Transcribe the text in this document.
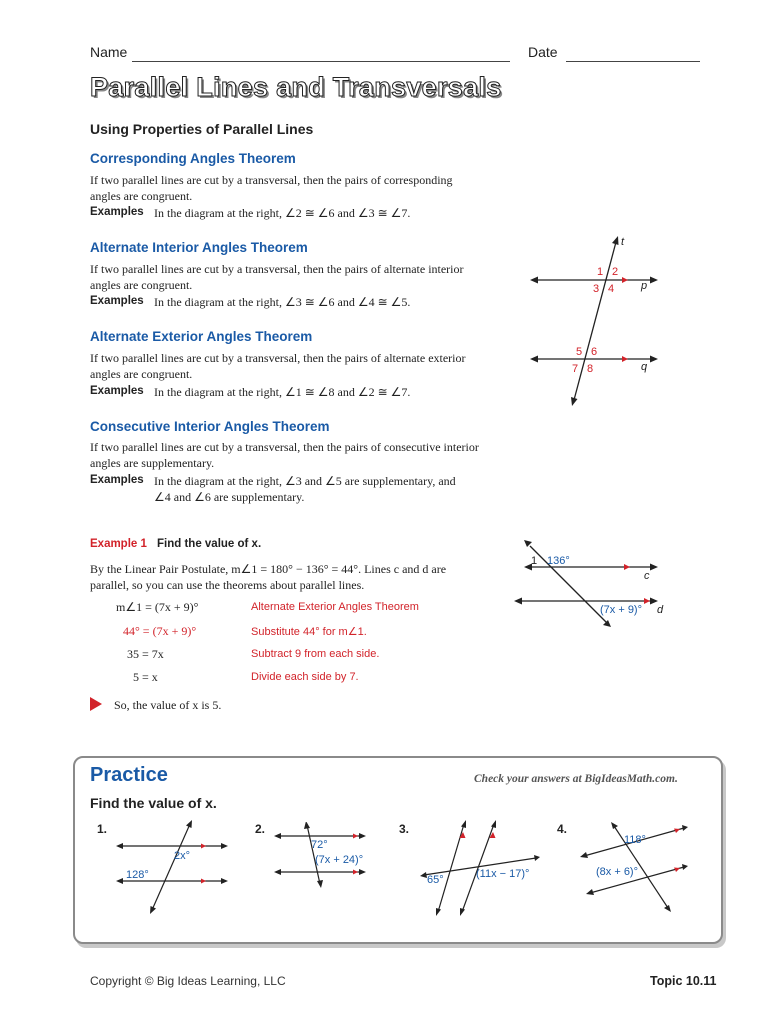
Name	Date
Parallel Lines and Transversals
Using Properties of Parallel Lines
Corresponding Angles Theorem
If two parallel lines are cut by a transversal, then the pairs of corresponding
angles are congruent.
Examples In the diagram at the right, ∠2 ≅ ∠6 and ∠3 ≅ ∠7.
Alternate Interior Angles Theorem
If two parallel lines are cut by a transversal, then the pairs of alternate interior
angles are congruent.
Examples In the diagram at the right, ∠3 ≅ ∠6 and ∠4 ≅ ∠5.
Alternate Exterior Angles Theorem
If two parallel lines are cut by a transversal, then the pairs of alternate exterior
angles are congruent.
Examples In the diagram at the right, ∠1 ≅ ∠8 and ∠2 ≅ ∠7.
Consecutive Interior Angles Theorem
If two parallel lines are cut by a transversal, then the pairs of consecutive interior
angles are supplementary.
Examples In the diagram at the right, ∠3 and ∠5 are supplementary, and
∠4 and ∠6 are supplementary.
t
p
q
1 2
3 4
5 6
7 8
Example 1 Find the value of x.
By the Linear Pair Postulate, m∠1 = 180° − 136° = 44°. Lines c and d are
parallel, so you can use the theorems about parallel lines.
m∠1 = (7x + 9)°	Alternate Exterior Angles Theorem
44° = (7x + 9)°	Substitute 44° for m∠1.
35 = 7x	Subtract 9 from each side.
5 = x	Divide each side by 7.
So, the value of x is 5.
1 136°
c
d
(7x + 9)°
Practice	Check your answers at BigIdeasMath.com.
Find the value of x.
1.
2x°
128°
2.
72°
(7x + 24)°
3.
65°	(11x − 17)°
4.
118°
(8x + 6)°
Copyright © Big Ideas Learning, LLC	Topic 10.11
